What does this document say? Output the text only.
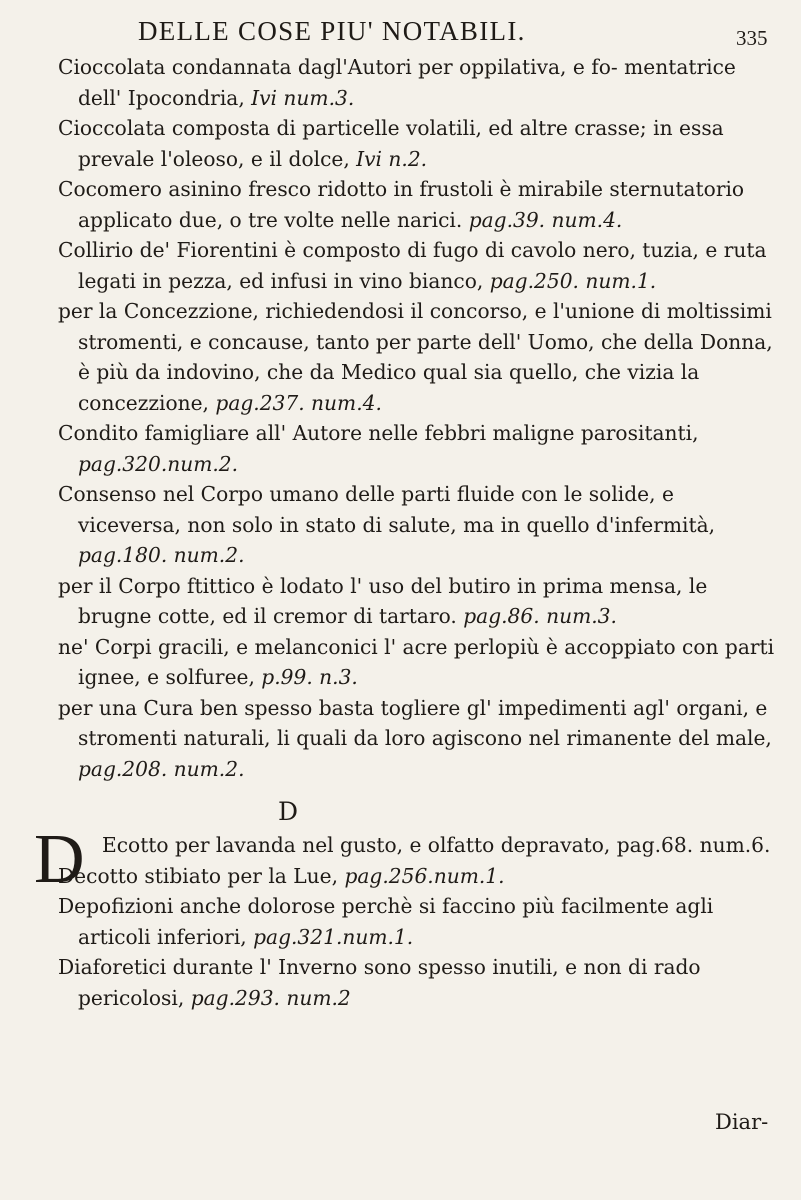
DELLE COSE PIU' NOTABILI.	335

Cioccolata condannata dagl'Autori per oppilativa, e fo- mentatrice dell' Ipocondria, Ivi num.3.

Cioccolata composta di particelle volatili, ed altre crasse; in essa prevale l'oleoso, e il dolce, Ivi n.2.

Cocomero asinino fresco ridotto in frustoli è mirabile sternutatorio applicato due, o tre volte nelle narici. pag.39. num.4.

Collirio de' Fiorentini è composto di fugo di cavolo nero, tuzia, e ruta legati in pezza, ed infusi in vino bianco, pag.250. num.1.

per la Concezzione, richiedendosi il concorso, e l'unione di moltissimi stromenti, e concause, tanto per parte dell' Uomo, che della Donna, è più da indovino, che da Medico qual sia quello, che vizia la concezzione, pag.237. num.4.

Condito famigliare all' Autore nelle febbri maligne parositanti, pag.320.num.2.

Consenso nel Corpo umano delle parti fluide con le solide, e viceversa, non solo in stato di salute, ma in quello d'infermità, pag.180. num.2.

per il Corpo ftittico è lodato l' uso del butiro in prima mensa, le brugne cotte, ed il cremor di tartaro. pag.86. num.3.

ne' Corpi gracili, e melanconici l' acre perlopiù è accoppiato con parti ignee, e solfuree, p.99. n.3.

per una Cura ben spesso basta togliere gl' impedimenti agl' organi, e stromenti naturali, li quali da loro agiscono nel rimanente del male, pag.208. num.2.

D

D Ecotto per lavanda nel gusto, e olfatto depravato, pag.68. num.6.

Decotto stibiato per la Lue, pag.256.num.1.

Depofizioni anche dolorose perchè si faccino più facilmente agli articoli inferiori, pag.321.num.1.

Diaforetici durante l' Inverno sono spesso inutili, e non di rado pericolosi, pag.293. num.2

Diar-
